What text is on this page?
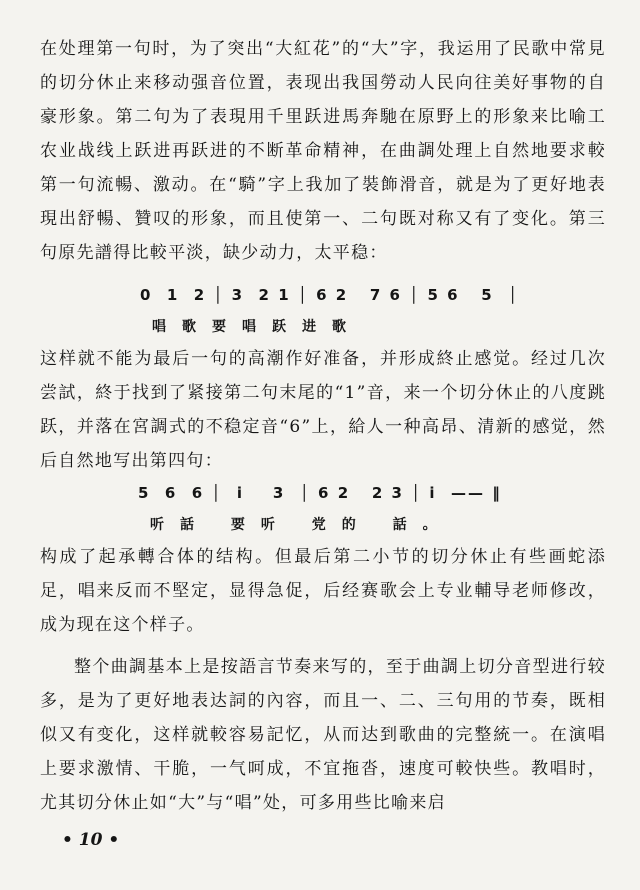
在处理第一句时，为了突出“大紅花”的“大”字，我运用了民歌中常見的切分休止来移动强音位置，表现出我国勞动人民向往美好事物的自豪形象。第二句为了表現用千里跃进馬奔馳在原野上的形象来比喻工农业战线上跃进再跃进的不断革命精神，在曲調处理上自然地要求較第一句流暢、激动。在“騎”字上我加了裝飾滑音，就是为了更好地表現出舒暢、贊叹的形象，而且使第一、二句既对称又有了变化。第三句原先譜得比較平淡，缺少动力，太平稳：

0  1  2 │ 3  2 1 │ 6 2   7 6 │ 5 6   5  │
唱歌要唱跃进歌

这样就不能为最后一句的高潮作好准备，并形成終止感觉。经过几次尝試，終于找到了紧接第二句末尾的“1”音，来一个切分休止的八度跳跃，并落在宮調式的不稳定音“6”上，給人一种高昂、清新的感觉，然后自然地写出第四句：

5  6  6 │  i    3  │ 6 2   2 3 │ i  —— ‖
听話 要听 党的 話。

构成了起承轉合体的结构。但最后第二小节的切分休止有些画蛇添足，唱来反而不堅定，显得急促，后经赛歌会上专业輔导老师修改，成为现在这个样子。

整个曲調基本上是按語言节奏来写的，至于曲調上切分音型进行较多，是为了更好地表达詞的內容，而且一、二、三句用的节奏，既相似又有变化，这样就較容易記忆，从而达到歌曲的完整統一。在演唱上要求激情、干脆，一气呵成，不宜拖沓，速度可較快些。教唱时，尤其切分休止如“大”与“唱”处，可多用些比喻来启

• 10 •
